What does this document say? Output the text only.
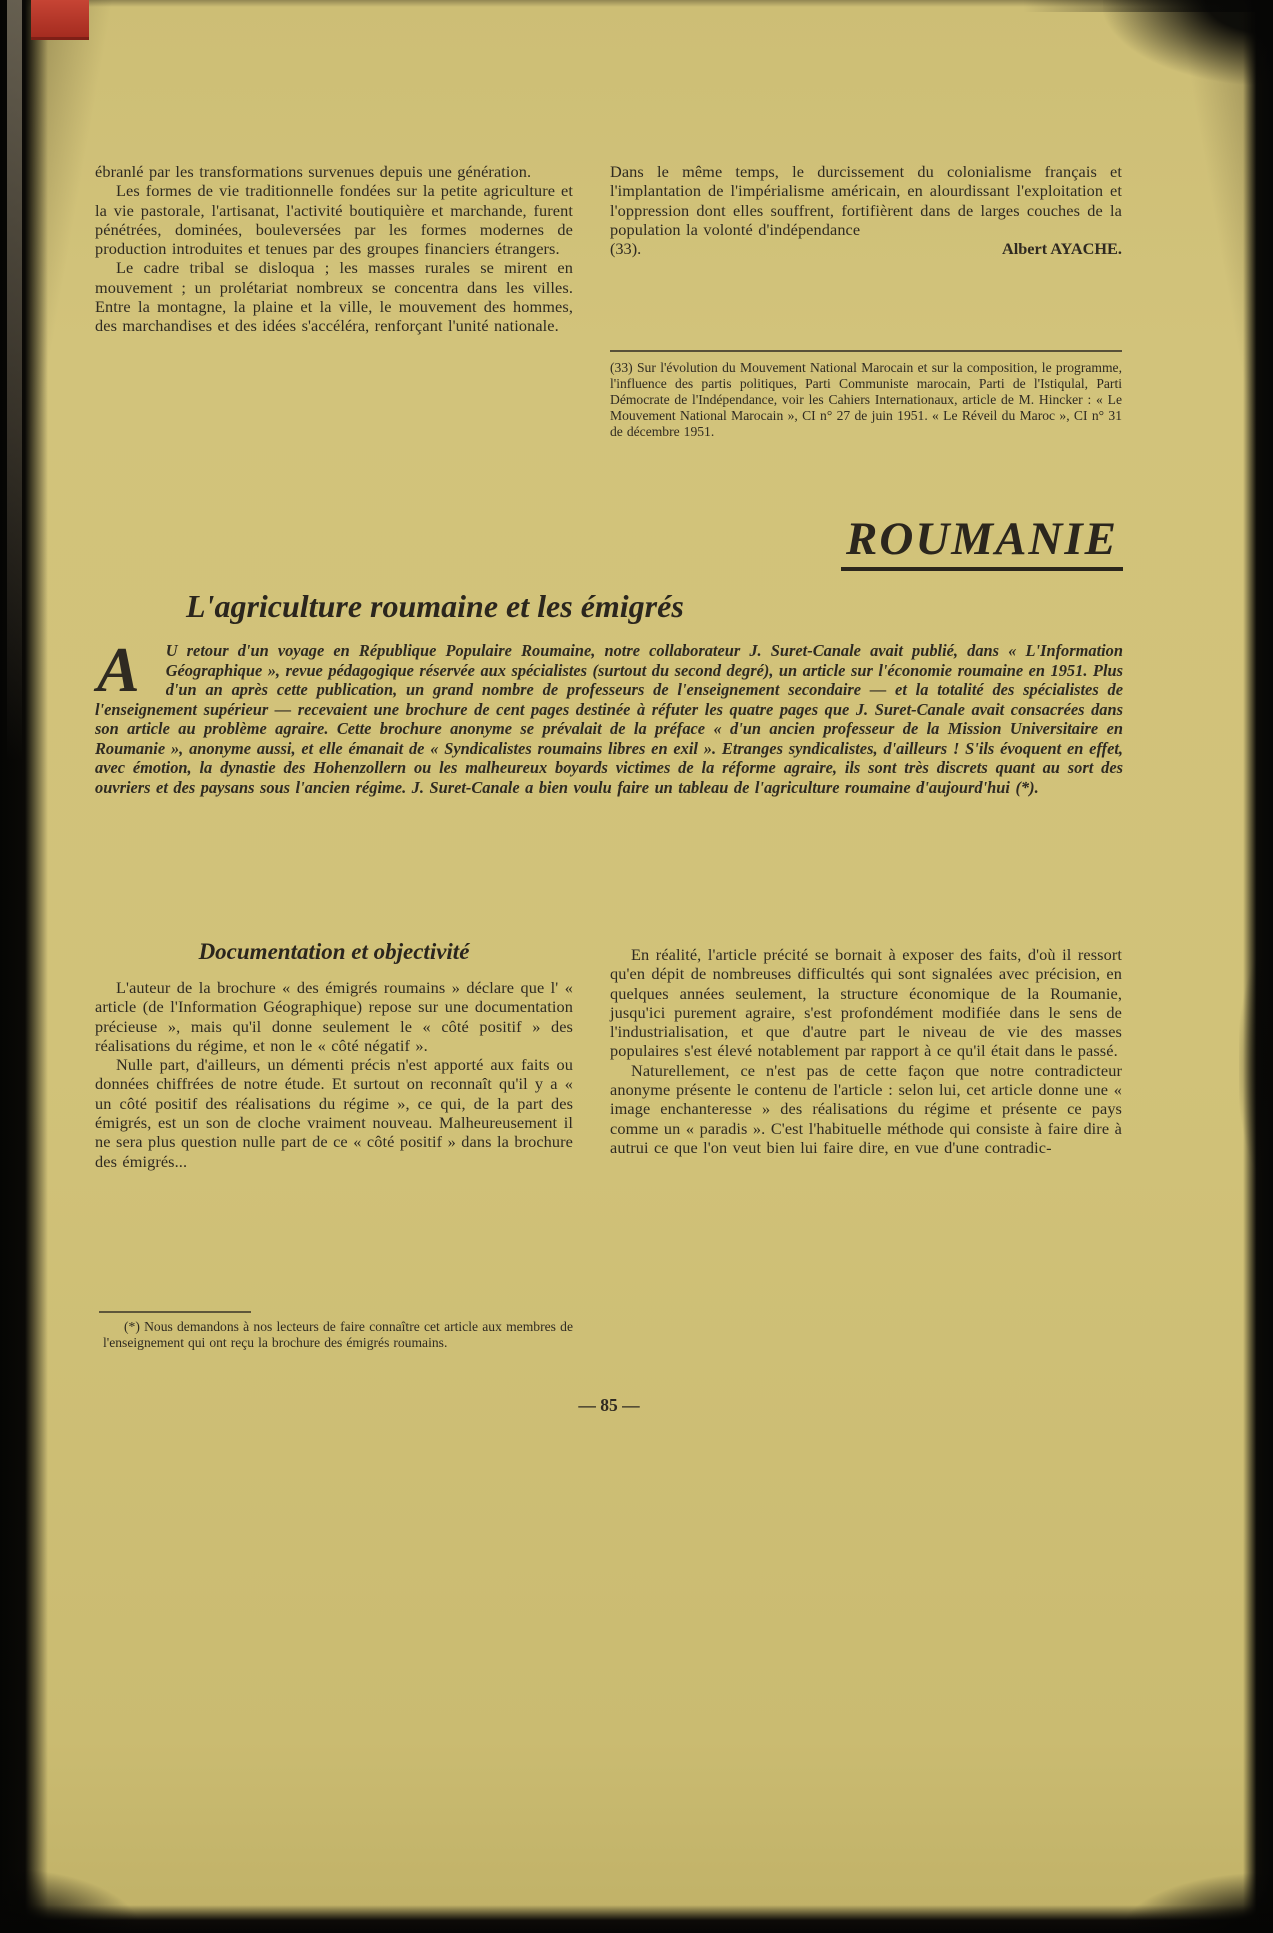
ébranlé par les transformations survenues depuis une génération.

Les formes de vie traditionnelle fondées sur la petite agriculture et la vie pastorale, l'artisanat, l'activité boutiquière et marchande, furent pénétrées, dominées, bouleversées par les formes modernes de production introduites et tenues par des groupes financiers étrangers.

Le cadre tribal se disloqua ; les masses rurales se mirent en mouvement ; un prolétariat nombreux se concentra dans les villes. Entre la montagne, la plaine et la ville, le mouvement des hommes, des marchandises et des idées s'accéléra, renforçant l'unité nationale.

Dans le même temps, le durcissement du colonialisme français et l'implantation de l'impérialisme américain, en alourdissant l'exploitation et l'oppression dont elles souffrent, fortifièrent dans de larges couches de la population la volonté d'indépendance

(33).	Albert AYACHE.

(33) Sur l'évolution du Mouvement National Marocain et sur la composition, le programme, l'influence des partis politiques, Parti Communiste marocain, Parti de l'Istiqulal, Parti Démocrate de l'Indépendance, voir les Cahiers Internationaux, article de M. Hincker : « Le Mouvement National Marocain », CI n° 27 de juin 1951. « Le Réveil du Maroc », CI n° 31 de décembre 1951.

ROUMANIE
L'agriculture roumaine et les émigrés
A	U retour d'un voyage en République Populaire Roumaine, notre collaborateur J. Suret-Canale avait publié, dans « L'Information Géographique », revue pédagogique réservée aux spécialistes (surtout du second degré), un article sur l'économie roumaine en 1951. Plus d'un an après cette publication, un grand nombre de professeurs de l'enseignement secondaire — et la totalité des spécialistes de l'enseignement supérieur — recevaient une brochure de cent pages destinée à réfuter les quatre pages que J. Suret-Canale avait consacrées dans son article au problème agraire. Cette brochure anonyme se prévalait de la préface « d'un ancien professeur de la Mission Universitaire en Roumanie », anonyme aussi, et elle émanait de « Syndicalistes roumains libres en exil ». Etranges syndicalistes, d'ailleurs ! S'ils évoquent en effet, avec émotion, la dynastie des Hohenzollern ou les malheureux boyards victimes de la réforme agraire, ils sont très discrets quant au sort des ouvriers et des paysans sous l'ancien régime. J. Suret-Canale a bien voulu faire un tableau de l'agriculture roumaine d'aujourd'hui (*).
Documentation et objectivité

L'auteur de la brochure « des émigrés roumains » déclare que l' « article (de l'Information Géographique) repose sur une documentation précieuse », mais qu'il donne seulement le « côté positif » des réalisations du régime, et non le « côté négatif ».

Nulle part, d'ailleurs, un démenti précis n'est apporté aux faits ou données chiffrées de notre étude. Et surtout on reconnaît qu'il y a « un côté positif des réalisations du régime », ce qui, de la part des émigrés, est un son de cloche vraiment nouveau. Malheureusement il ne sera plus question nulle part de ce « côté positif » dans la brochure des émigrés...

(*) Nous demandons à nos lecteurs de faire connaître cet article aux membres de l'enseignement qui ont reçu la brochure des émigrés roumains.

En réalité, l'article précité se bornait à exposer des faits, d'où il ressort qu'en dépit de nombreuses difficultés qui sont signalées avec précision, en quelques années seulement, la structure économique de la Roumanie, jusqu'ici purement agraire, s'est profondément modifiée dans le sens de l'industrialisation, et que d'autre part le niveau de vie des masses populaires s'est élevé notablement par rapport à ce qu'il était dans le passé.

Naturellement, ce n'est pas de cette façon que notre contradicteur anonyme présente le contenu de l'article : selon lui, cet article donne une « image enchanteresse » des réalisations du régime et présente ce pays comme un « paradis ». C'est l'habituelle méthode qui consiste à faire dire à autrui ce que l'on veut bien lui faire dire, en vue d'une contradic-

— 85 —
